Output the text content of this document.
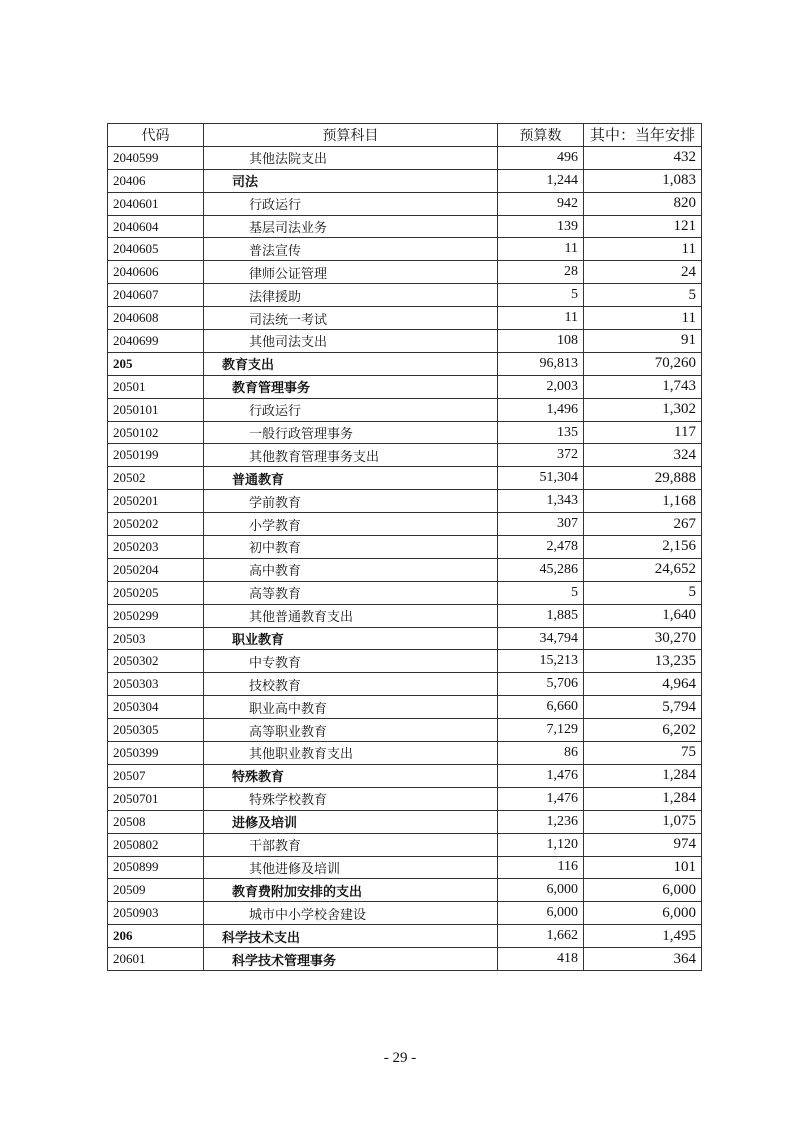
代码	预算科目	预算数	其中：当年安排
2040599	其他法院支出	496	432
20406	司法	1,244	1,083
2040601	行政运行	942	820
2040604	基层司法业务	139	121
2040605	普法宣传	11	11
2040606	律师公证管理	28	24
2040607	法律援助	5	5
2040608	司法统一考试	11	11
2040699	其他司法支出	108	91
205	教育支出	96,813	70,260
20501	教育管理事务	2,003	1,743
2050101	行政运行	1,496	1,302
2050102	一般行政管理事务	135	117
2050199	其他教育管理事务支出	372	324
20502	普通教育	51,304	29,888
2050201	学前教育	1,343	1,168
2050202	小学教育	307	267
2050203	初中教育	2,478	2,156
2050204	高中教育	45,286	24,652
2050205	高等教育	5	5
2050299	其他普通教育支出	1,885	1,640
20503	职业教育	34,794	30,270
2050302	中专教育	15,213	13,235
2050303	技校教育	5,706	4,964
2050304	职业高中教育	6,660	5,794
2050305	高等职业教育	7,129	6,202
2050399	其他职业教育支出	86	75
20507	特殊教育	1,476	1,284
2050701	特殊学校教育	1,476	1,284
20508	进修及培训	1,236	1,075
2050802	干部教育	1,120	974
2050899	其他进修及培训	116	101
20509	教育费附加安排的支出	6,000	6,000
2050903	城市中小学校舍建设	6,000	6,000
206	科学技术支出	1,662	1,495
20601	科学技术管理事务	418	364
- 29 -
